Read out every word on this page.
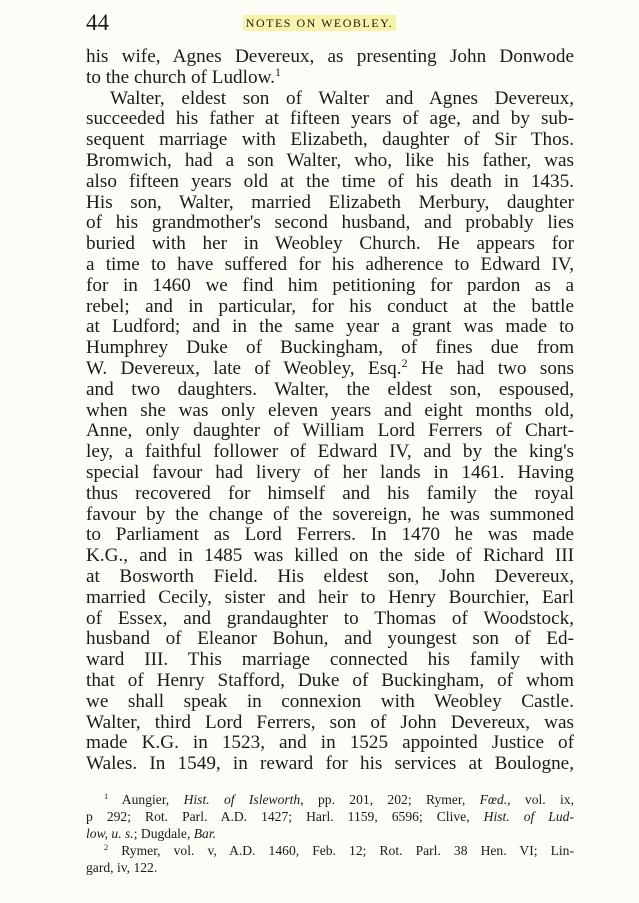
44	NOTES ON WEOBLEY.
his wife, Agnes Devereux, as presenting John Donwode
to the church of Ludlow.$^1$
Walter, eldest son of Walter and Agnes Devereux,
succeeded his father at fifteen years of age, and by sub-
sequent marriage with Elizabeth, daughter of Sir Thos.
Bromwich, had a son Walter, who, like his father, was
also fifteen years old at the time of his death in 1435.
His son, Walter, married Elizabeth Merbury, daughter
of his grandmother's second husband, and probably lies
buried with her in Weobley Church. He appears for
a time to have suffered for his adherence to Edward IV,
for in 1460 we find him petitioning for pardon as a
rebel; and in particular, for his conduct at the battle
at Ludford; and in the same year a grant was made to
Humphrey Duke of Buckingham, of fines due from
W. Devereux, late of Weobley, Esq.$^2$ He had two sons
and two daughters. Walter, the eldest son, espoused,
when she was only eleven years and eight months old,
Anne, only daughter of William Lord Ferrers of Chart-
ley, a faithful follower of Edward IV, and by the king's
special favour had livery of her lands in 1461. Having
thus recovered for himself and his family the royal
favour by the change of the sovereign, he was summoned
to Parliament as Lord Ferrers. In 1470 he was made
K.G., and in 1485 was killed on the side of Richard III
at Bosworth Field. His eldest son, John Devereux,
married Cecily, sister and heir to Henry Bourchier, Earl
of Essex, and grandaughter to Thomas of Woodstock,
husband of Eleanor Bohun, and youngest son of Ed-
ward III. This marriage connected his family with
that of Henry Stafford, Duke of Buckingham, of whom
we shall speak in connexion with Weobley Castle.
Walter, third Lord Ferrers, son of John Devereux, was
made K.G. in 1523, and in 1525 appointed Justice of
Wales. In 1549, in reward for his services at Boulogne,
$^1$ Aungier, Hist. of Isleworth, pp. 201, 202; Rymer, Fœd., vol. ix,
p 292; Rot. Parl. A.D. 1427; Harl. 1159, 6596; Clive, Hist. of Lud-
low, u. s.; Dugdale, Bar.
$^2$ Rymer, vol. v, A.D. 1460, Feb. 12; Rot. Parl. 38 Hen. VI; Lin-
gard, iv, 122.
